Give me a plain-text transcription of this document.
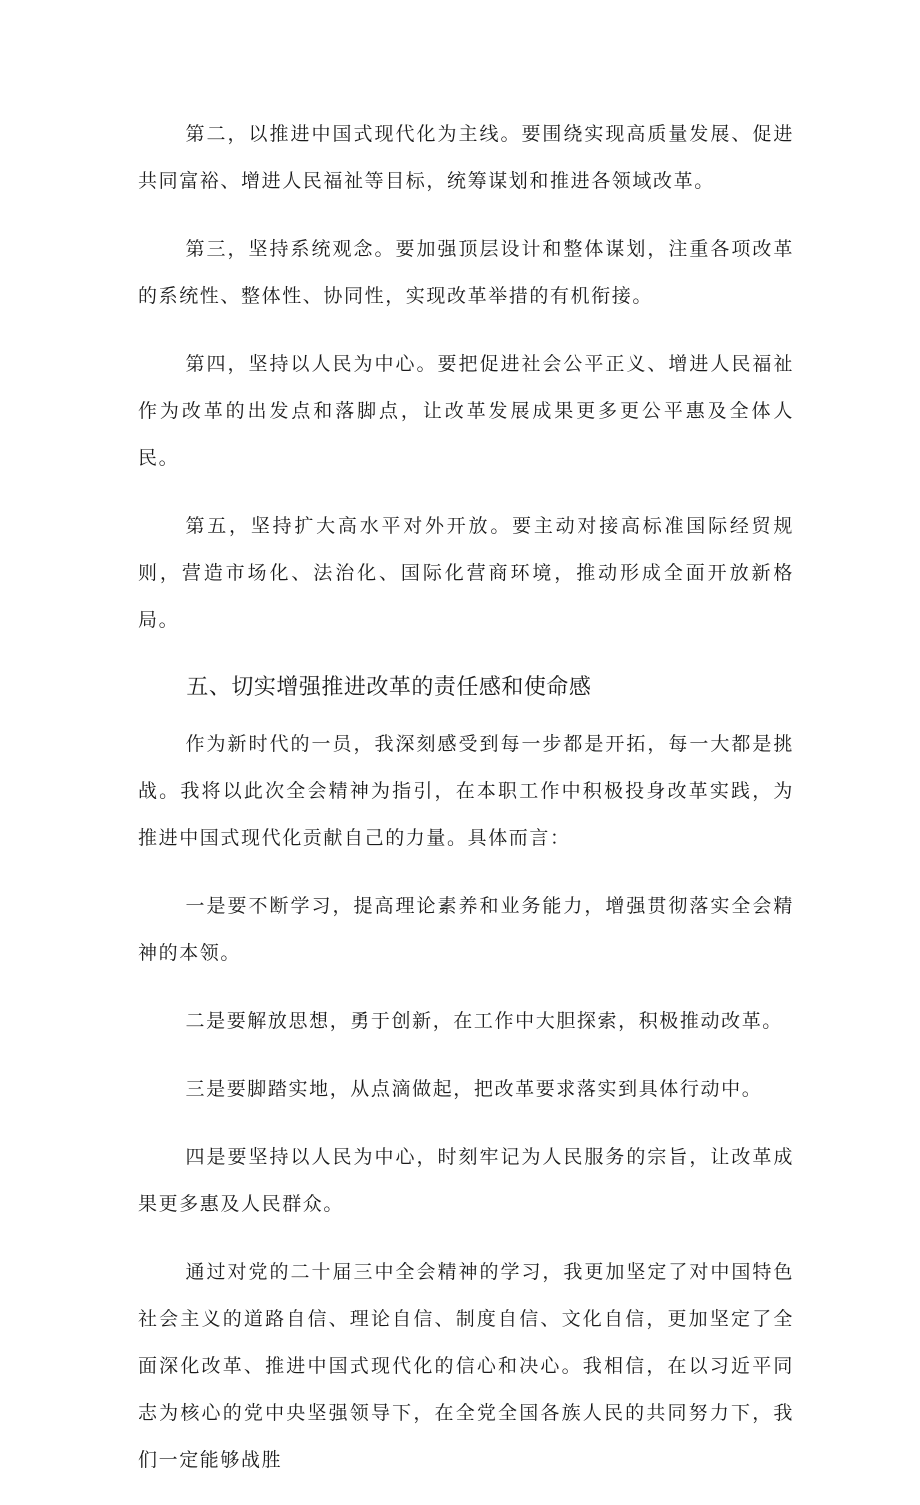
第二，以推进中国式现代化为主线。要围绕实现高质量发展、促进共同富裕、增进人民福祉等目标，统筹谋划和推进各领域改革。

第三，坚持系统观念。要加强顶层设计和整体谋划，注重各项改革的系统性、整体性、协同性，实现改革举措的有机衔接。

第四，坚持以人民为中心。要把促进社会公平正义、增进人民福祉作为改革的出发点和落脚点，让改革发展成果更多更公平惠及全体人民。

第五，坚持扩大高水平对外开放。要主动对接高标准国际经贸规则，营造市场化、法治化、国际化营商环境，推动形成全面开放新格局。

五、切实增强推进改革的责任感和使命感

作为新时代的一员，我深刻感受到每一步都是开拓，每一大都是挑战。我将以此次全会精神为指引，在本职工作中积极投身改革实践，为推进中国式现代化贡献自己的力量。具体而言：

一是要不断学习，提高理论素养和业务能力，增强贯彻落实全会精神的本领。

二是要解放思想，勇于创新，在工作中大胆探索，积极推动改革。

三是要脚踏实地，从点滴做起，把改革要求落实到具体行动中。

四是要坚持以人民为中心，时刻牢记为人民服务的宗旨，让改革成果更多惠及人民群众。

通过对党的二十届三中全会精神的学习，我更加坚定了对中国特色社会主义的道路自信、理论自信、制度自信、文化自信，更加坚定了全面深化改革、推进中国式现代化的信心和决心。我相信，在以习近平同志为核心的党中央坚强领导下，在全党全国各族人民的共同努力下，我们一定能够战胜
